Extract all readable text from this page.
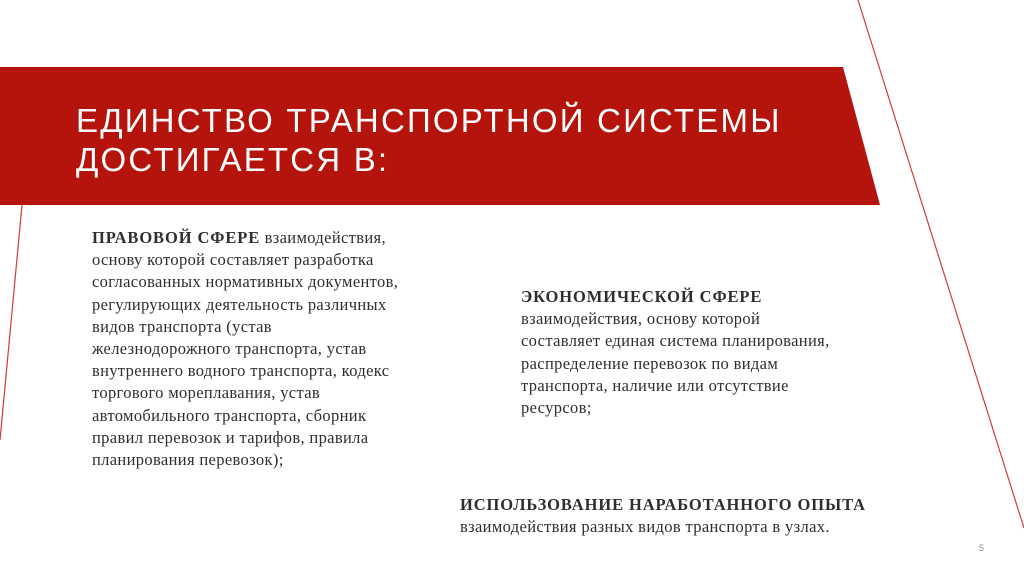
ЕДИНСТВО ТРАНСПОРТНОЙ СИСТЕМЫ
ДОСТИГАЕТСЯ В:
ПРАВОВОЙ СФЕРЕ взаимодействия,
основу которой составляет разработка
согласованных нормативных документов,
регулирующих деятельность различных
видов транспорта (устав
железнодорожного транспорта, устав
внутреннего водного транспорта, кодекс
торгового мореплавания, устав
автомобильного транспорта, сборник
правил перевозок и тарифов, правила
планирования перевозок);
ЭКОНОМИЧЕСКОЙ СФЕРЕ
взаимодействия, основу которой
составляет единая система планирования,
распределение перевозок по видам
транспорта, наличие или отсутствие
ресурсов;
ИСПОЛЬЗОВАНИЕ НАРАБОТАННОГО ОПЫТА
взаимодействия разных видов транспорта в узлах.
5
